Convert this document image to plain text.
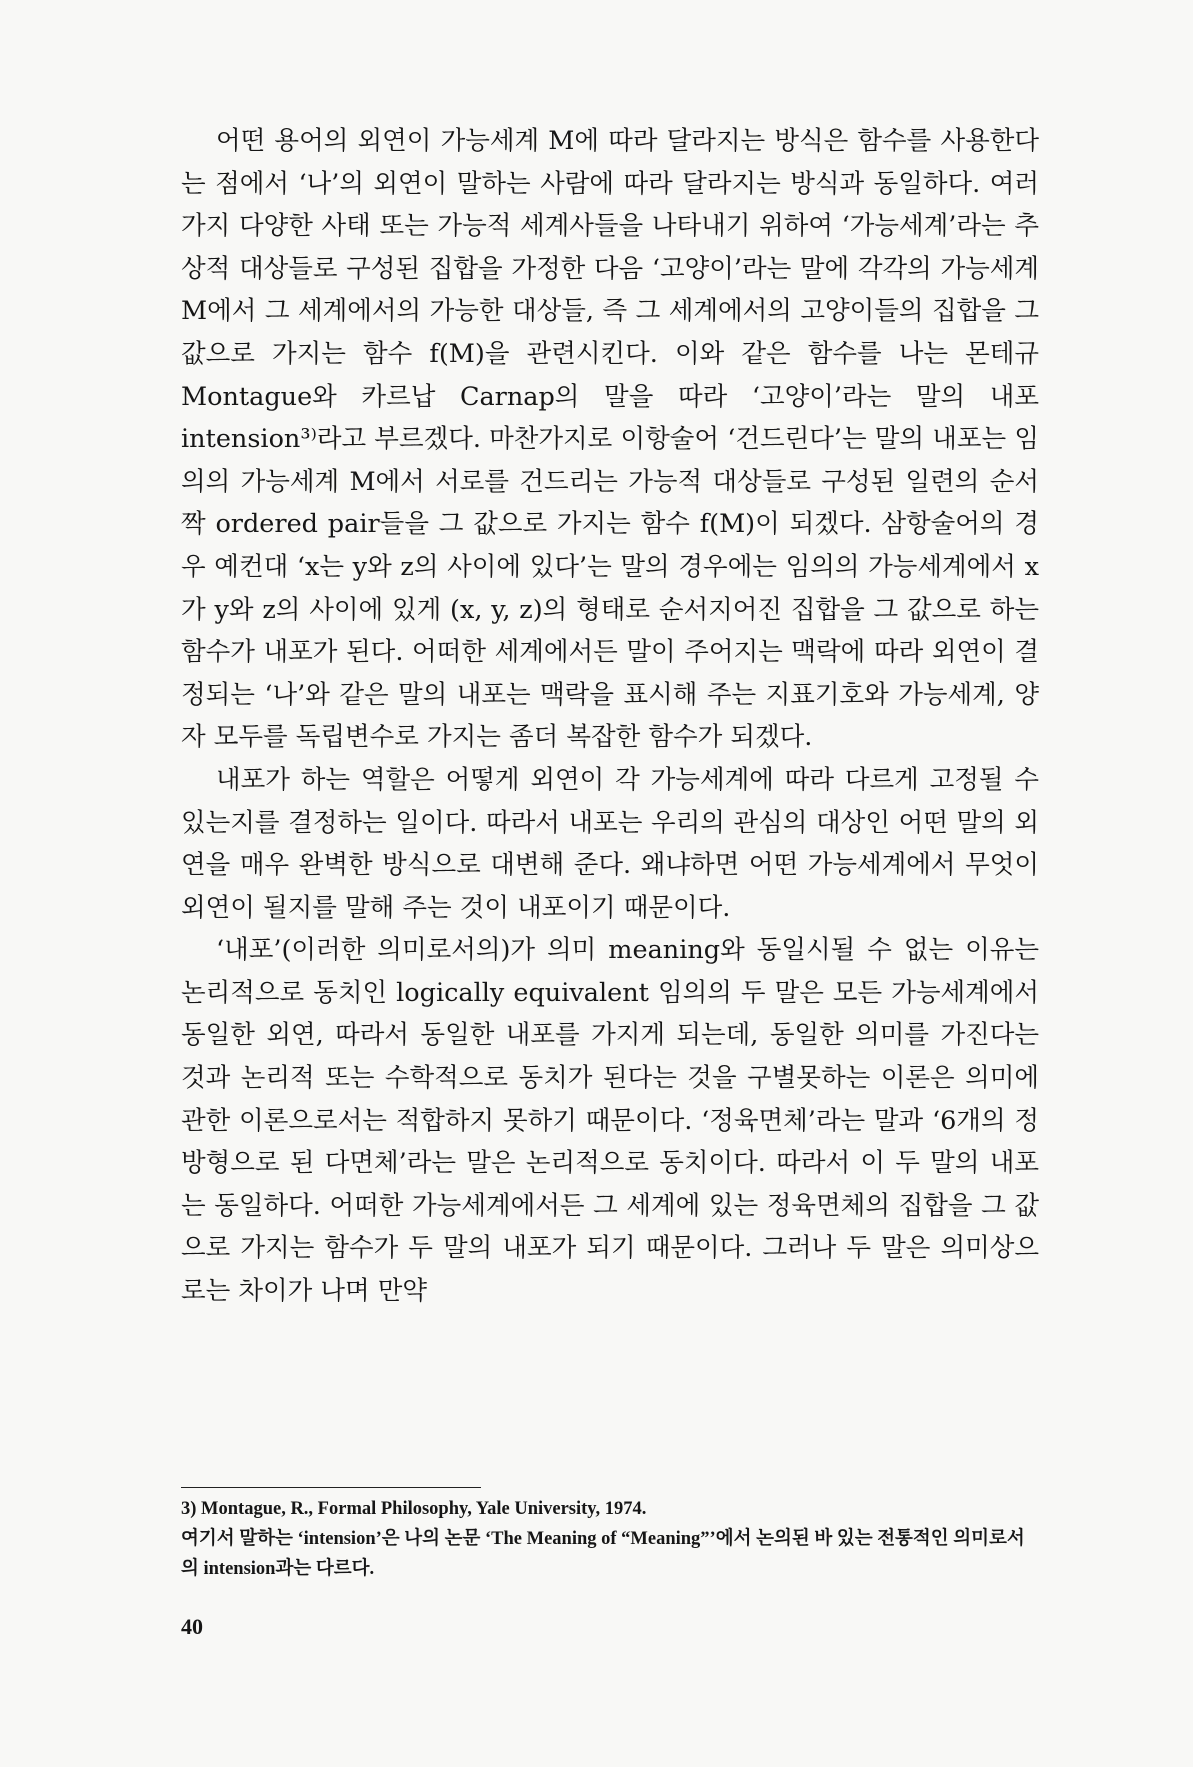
어떤 용어의 외연이 가능세계 M에 따라 달라지는 방식은 함수를 사용한다는 점에서 ‘나’의 외연이 말하는 사람에 따라 달라지는 방식과 동일하다. 여러가지 다양한 사태 또는 가능적 세계사들을 나타내기 위하여 ‘가능세계’라는 추상적 대상들로 구성된 집합을 가정한 다음 ‘고양이’라는 말에 각각의 가능세계 M에서 그 세계에서의 가능한 대상들, 즉 그 세계에서의 고양이들의 집합을 그 값으로 가지는 함수 f(M)을 관련시킨다. 이와 같은 함수를 나는 몬테규 Montague와 카르납 Carnap의 말을 따라 ‘고양이’라는 말의 내포 intension³⁾라고 부르겠다. 마찬가지로 이항술어 ‘건드린다’는 말의 내포는 임의의 가능세계 M에서 서로를 건드리는 가능적 대상들로 구성된 일련의 순서짝 ordered pair들을 그 값으로 가지는 함수 f(M)이 되겠다. 삼항술어의 경우 예컨대 ‘x는 y와 z의 사이에 있다’는 말의 경우에는 임의의 가능세계에서 x가 y와 z의 사이에 있게 (x, y, z)의 형태로 순서지어진 집합을 그 값으로 하는 함수가 내포가 된다. 어떠한 세계에서든 말이 주어지는 맥락에 따라 외연이 결정되는 ‘나’와 같은 말의 내포는 맥락을 표시해 주는 지표기호와 가능세계, 양자 모두를 독립변수로 가지는 좀더 복잡한 함수가 되겠다.

내포가 하는 역할은 어떻게 외연이 각 가능세계에 따라 다르게 고정될 수 있는지를 결정하는 일이다. 따라서 내포는 우리의 관심의 대상인 어떤 말의 외연을 매우 완벽한 방식으로 대변해 준다. 왜냐하면 어떤 가능세계에서 무엇이 외연이 될지를 말해 주는 것이 내포이기 때문이다.

‘내포’(이러한 의미로서의)가 의미 meaning와 동일시될 수 없는 이유는 논리적으로 동치인 logically equivalent 임의의 두 말은 모든 가능세계에서 동일한 외연, 따라서 동일한 내포를 가지게 되는데, 동일한 의미를 가진다는 것과 논리적 또는 수학적으로 동치가 된다는 것을 구별못하는 이론은 의미에 관한 이론으로서는 적합하지 못하기 때문이다. ‘정육면체’라는 말과 ‘6개의 정방형으로 된 다면체’라는 말은 논리적으로 동치이다. 따라서 이 두 말의 내포는 동일하다. 어떠한 가능세계에서든 그 세계에 있는 정육면체의 집합을 그 값으로 가지는 함수가 두 말의 내포가 되기 때문이다. 그러나 두 말은 의미상으로는 차이가 나며 만약

3) Montague, R., Formal Philosophy, Yale University, 1974.

여기서 말하는 ‘intension’은 나의 논문 ‘The Meaning of “Meaning”’에서 논의된 바 있는 전통적인 의미로서의 intension과는 다르다.

40
